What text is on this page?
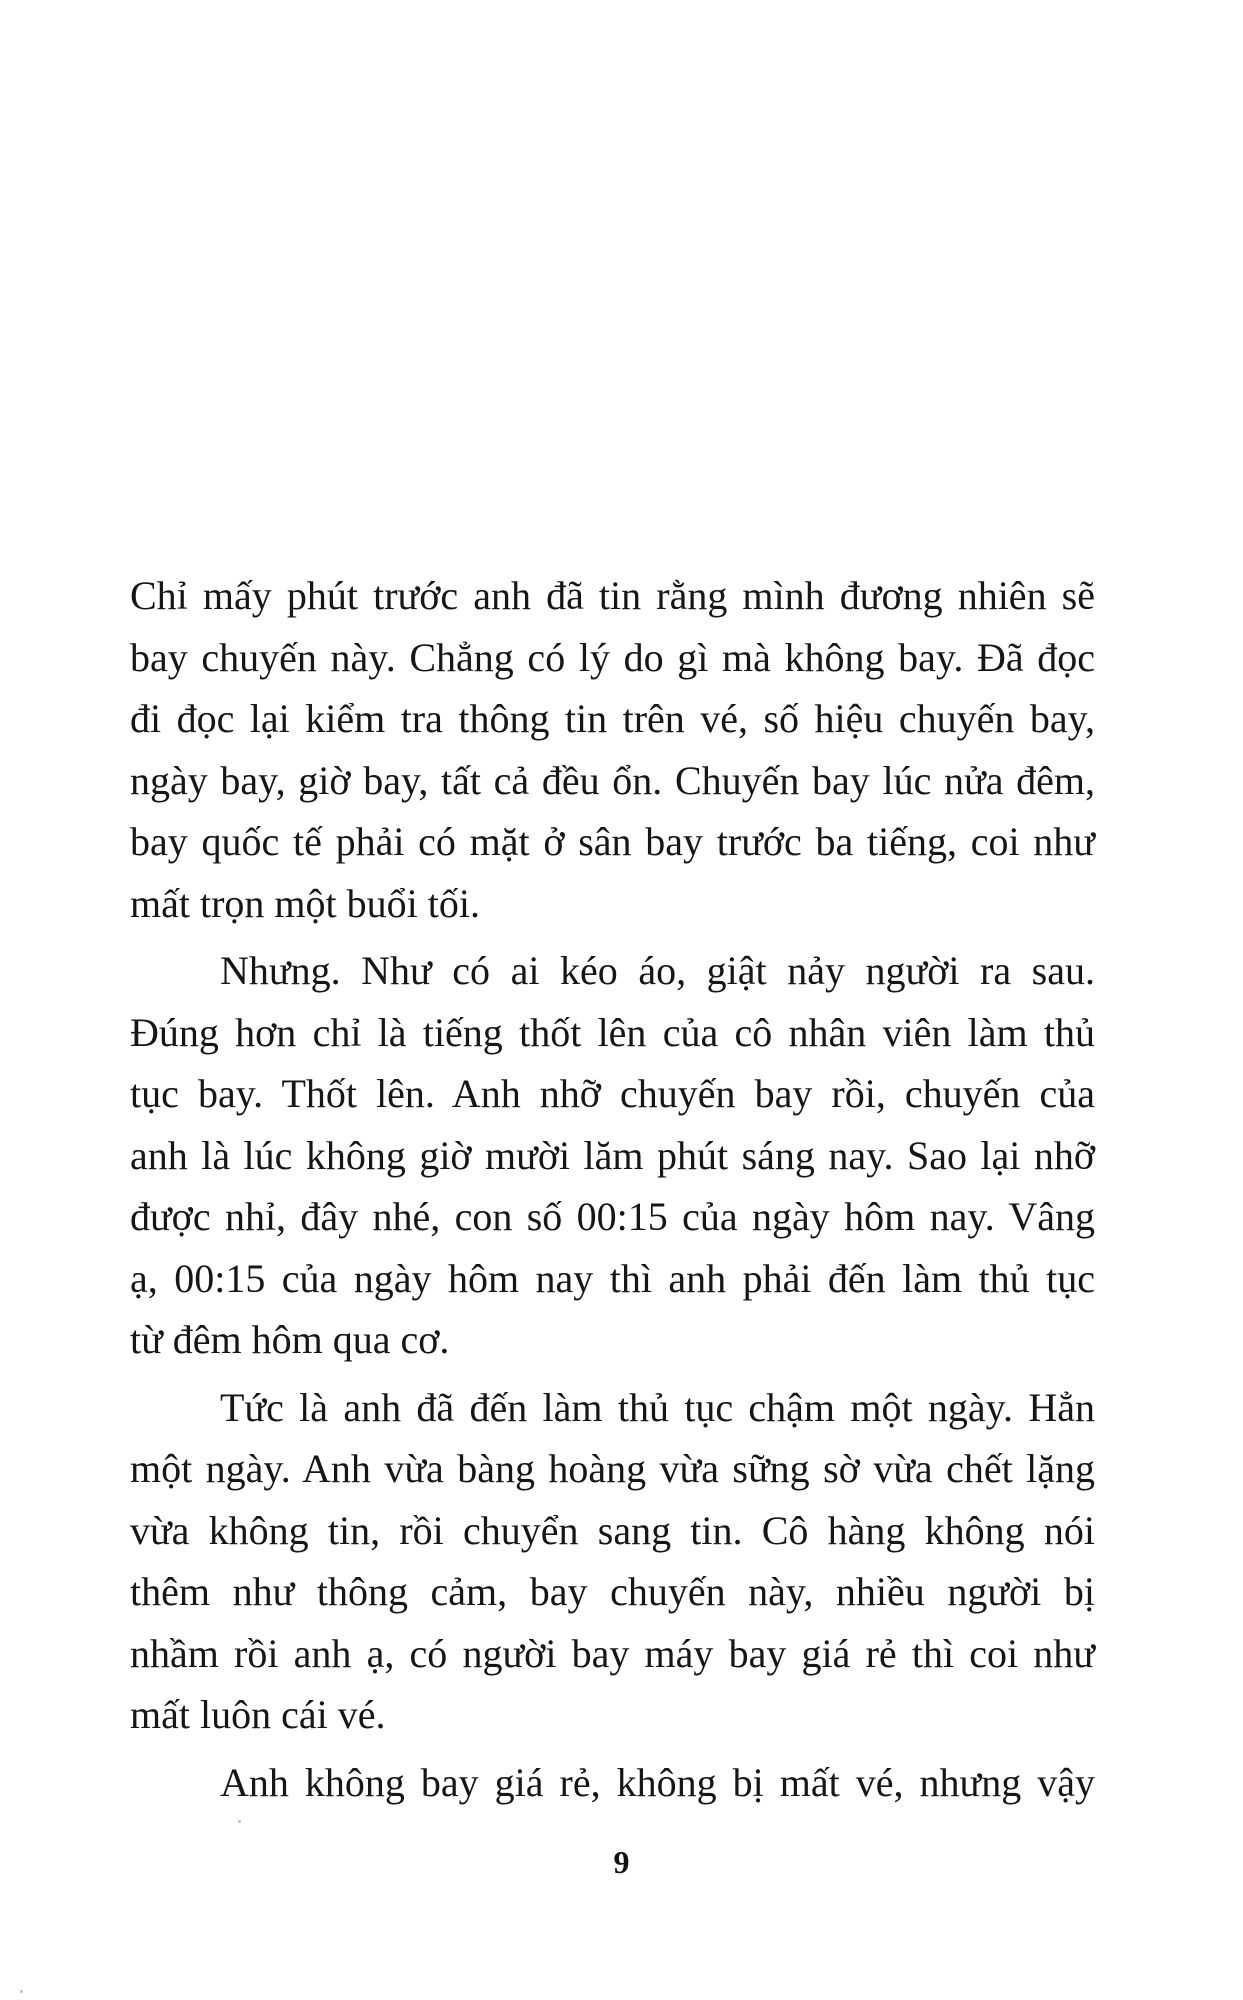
Chỉ mấy phút trước anh đã tin rằng mình đương nhiên sẽ
bay chuyến này. Chẳng có lý do gì mà không bay. Đã đọc
đi đọc lại kiểm tra thông tin trên vé, số hiệu chuyến bay,
ngày bay, giờ bay, tất cả đều ổn. Chuyến bay lúc nửa đêm,
bay quốc tế phải có mặt ở sân bay trước ba tiếng, coi như
mất trọn một buổi tối.
Nhưng. Như có ai kéo áo, giật nảy người ra sau.
Đúng hơn chỉ là tiếng thốt lên của cô nhân viên làm thủ
tục bay. Thốt lên. Anh nhỡ chuyến bay rồi, chuyến của
anh là lúc không giờ mười lăm phút sáng nay. Sao lại nhỡ
được nhỉ, đây nhé, con số 00:15 của ngày hôm nay. Vâng
ạ, 00:15 của ngày hôm nay thì anh phải đến làm thủ tục
từ đêm hôm qua cơ.
Tức là anh đã đến làm thủ tục chậm một ngày. Hẳn
một ngày. Anh vừa bàng hoàng vừa sững sờ vừa chết lặng
vừa không tin, rồi chuyển sang tin. Cô hàng không nói
thêm như thông cảm, bay chuyến này, nhiều người bị
nhầm rồi anh ạ, có người bay máy bay giá rẻ thì coi như
mất luôn cái vé.
Anh không bay giá rẻ, không bị mất vé, nhưng vậy
9
